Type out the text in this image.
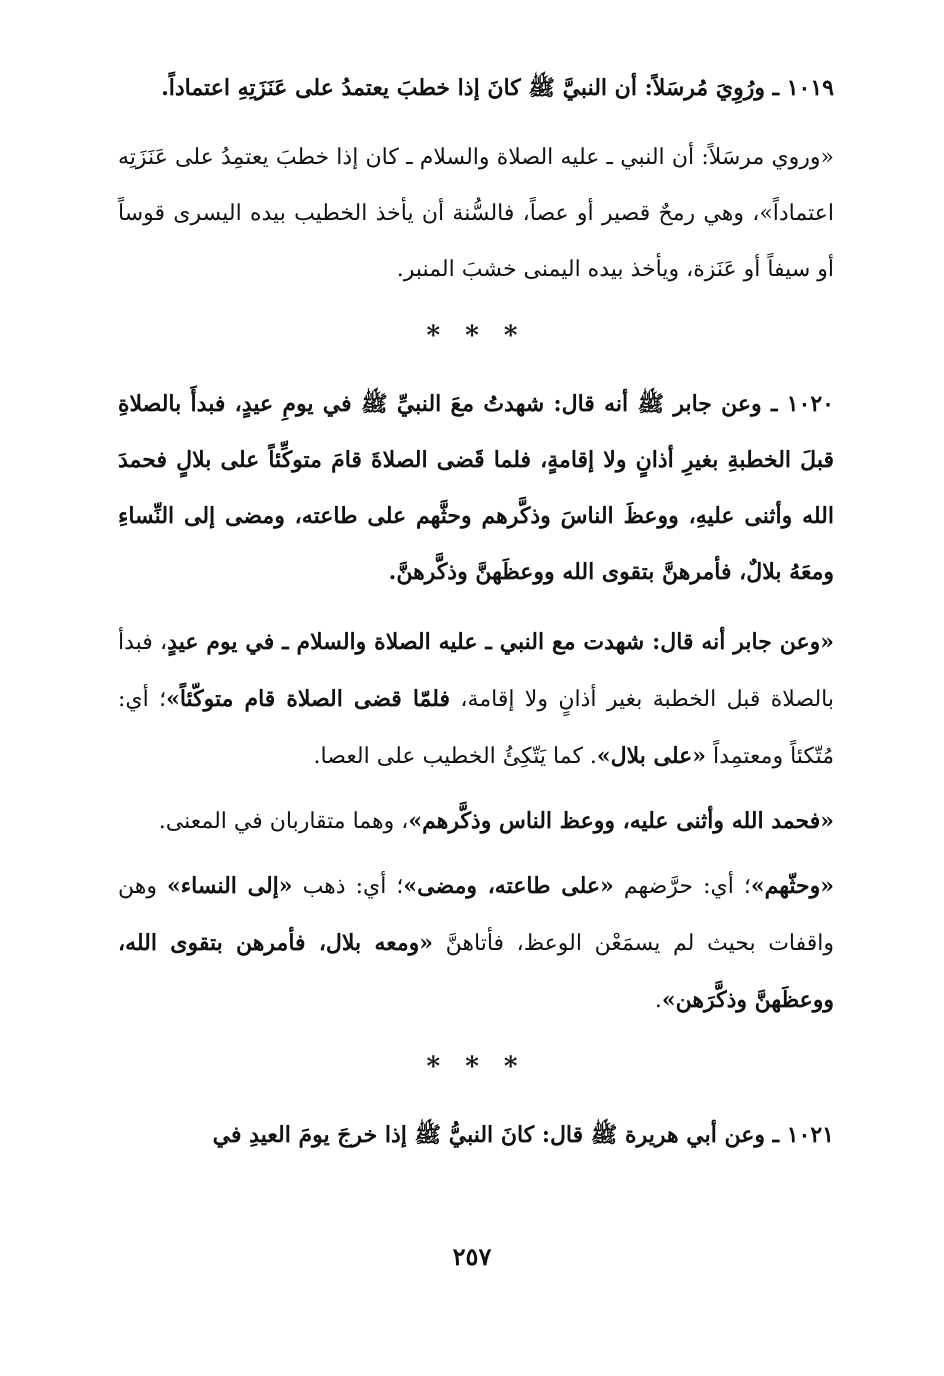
١٠١٩ ـ ورُوِيَ مُرسَلاً: أن النبيَّ ﷺ كانَ إذا خطبَ يعتمدُ على عَنَزَتِهِ اعتماداً.

«وروي مرسَلاً: أن النبي ـ عليه الصلاة والسلام ـ كان إذا خطبَ يعتمِدُ على عَنَزَتِه اعتماداً»، وهي رمحٌ قصير أو عصاً، فالسُّنة أن يأخذ الخطيب بيده اليسرى قوساً أو سيفاً أو عَنَزة، ويأخذ بيده اليمنى خشبَ المنبر.

* * *

١٠٢٠ ـ وعن جابر ﷺ أنه قال: شهدتُ معَ النبيِّ ﷺ في يومِ عيدٍ، فبدأَ بالصلاةِ قبلَ الخطبةِ بغيرِ أذانٍ ولا إقامةٍ، فلما قَضى الصلاةَ قامَ متوكِّئاً على بلالٍ فحمدَ الله وأثنى عليهِ، ووعظَ الناسَ وذكَّرهم وحثَّهم على طاعته، ومضى إلى النِّساءِ ومعَهُ بلالٌ، فأمرهنَّ بتقوى الله ووعظَهنَّ وذكَّرهنَّ.

«وعن جابر أنه قال: شهدت مع النبي ـ عليه الصلاة والسلام ـ في يوم عيدٍ، فبدأ بالصلاة قبل الخطبة بغير أذانٍ ولا إقامة، فلمّا قضى الصلاة قام متوكّئاً»؛ أي: مُتّكئاً ومعتمِداً «على بلال». كما يَتّكِئُ الخطيب على العصا.

«فحمد الله وأثنى عليه، ووعظ الناس وذكَّرهم»، وهما متقاربان في المعنى.

«وحثّهم»؛ أي: حرَّضهم «على طاعته، ومضى»؛ أي: ذهب «إلى النساء» وهن واقفات بحيث لم يسمَعْن الوعظ، فأتاهنَّ «ومعه بلال، فأمرهن بتقوى الله، ووعظَهنَّ وذكَّرَهن».

* * *

١٠٢١ ـ وعن أبي هريرة ﷺ قال: كانَ النبيُّ ﷺ إذا خرجَ يومَ العيدِ في

٢٥٧
